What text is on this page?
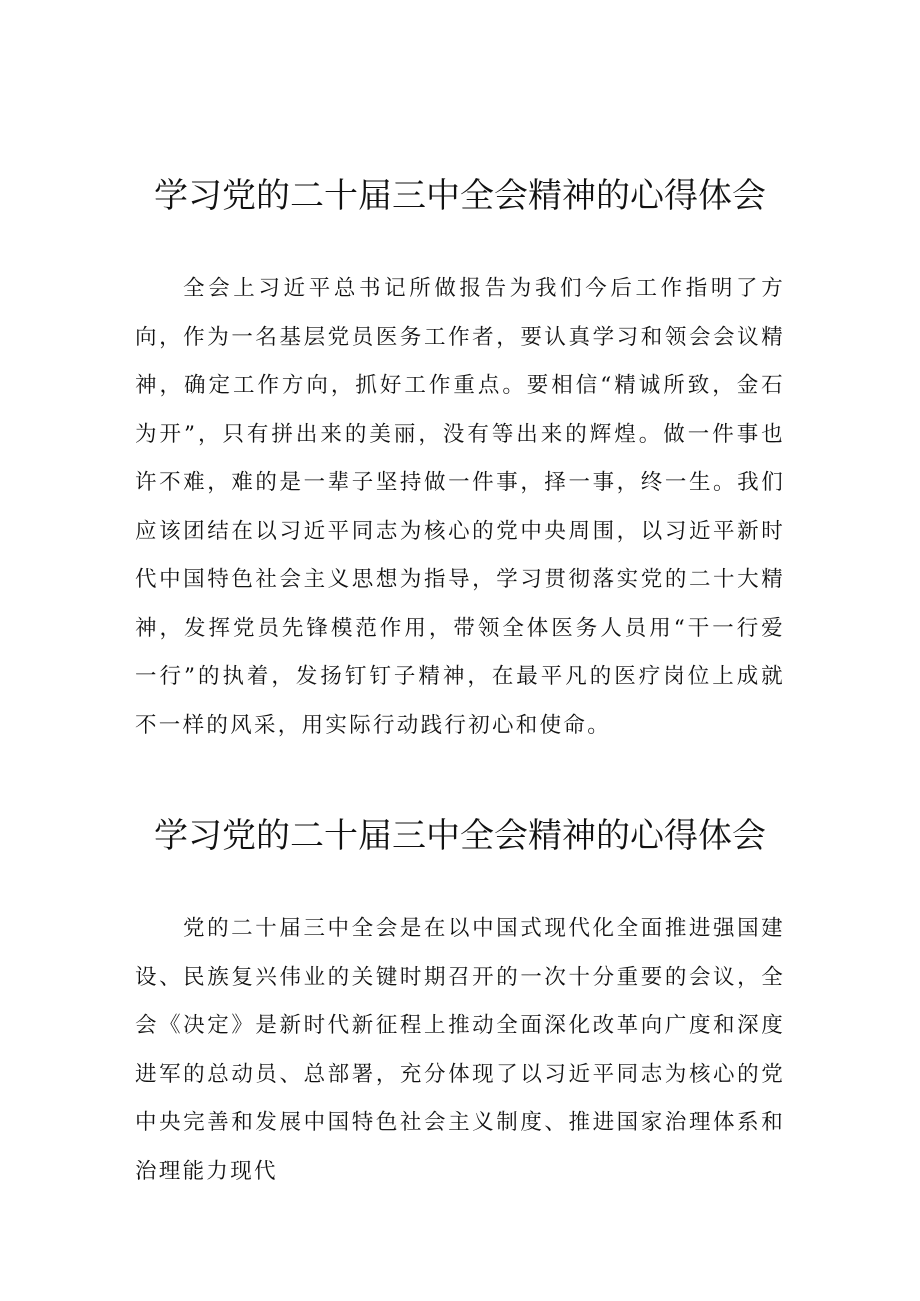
学习党的二十届三中全会精神的心得体会

全会上习近平总书记所做报告为我们今后工作指明了方向，作为一名基层党员医务工作者，要认真学习和领会会议精神，确定工作方向，抓好工作重点。要相信“精诚所致，金石为开”，只有拼出来的美丽，没有等出来的辉煌。做一件事也许不难，难的是一辈子坚持做一件事，择一事，终一生。我们应该团结在以习近平同志为核心的党中央周围，以习近平新时代中国特色社会主义思想为指导，学习贯彻落实党的二十大精神，发挥党员先锋模范作用，带领全体医务人员用“干一行爱一行”的执着，发扬钉钉子精神，在最平凡的医疗岗位上成就不一样的风采，用实际行动践行初心和使命。

学习党的二十届三中全会精神的心得体会

党的二十届三中全会是在以中国式现代化全面推进强国建设、民族复兴伟业的关键时期召开的一次十分重要的会议，全会《决定》是新时代新征程上推动全面深化改革向广度和深度进军的总动员、总部署，充分体现了以习近平同志为核心的党中央完善和发展中国特色社会主义制度、推进国家治理体系和治理能力现代
